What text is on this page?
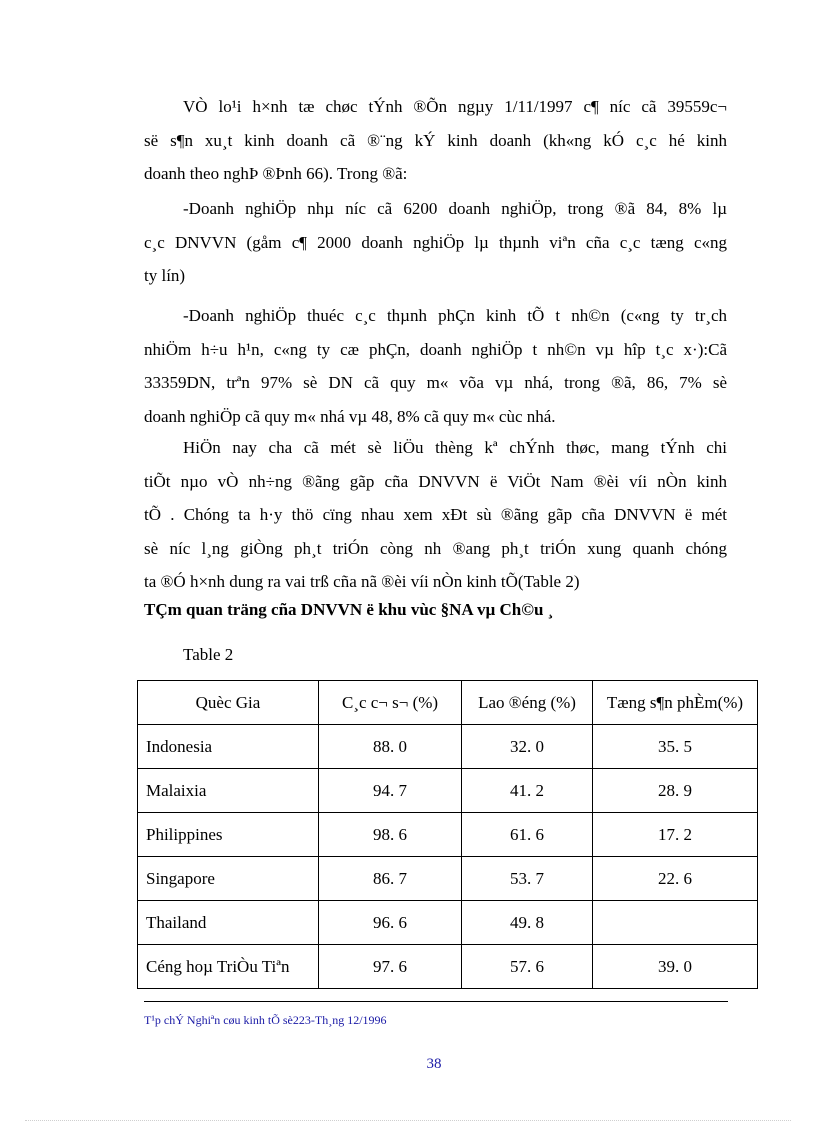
VÒ lo¹i h×nh tæ chøc tÝnh ®Õn ngµy 1/11/1997 c¶ níc cã 39559c¬
së s¶n xu¸t kinh doanh cã ®¨ng kÝ kinh doanh (kh«ng kÓ c¸c hé kinh
doanh theo nghÞ ®Þnh 66). Trong ®ã:
-Doanh nghiÖp nhµ níc cã 6200 doanh nghiÖp, trong ®ã 84, 8% lµ
c¸c DNVVN (gåm c¶ 2000 doanh nghiÖp lµ thµnh viªn cña c¸c tæng c«ng
ty lín)
-Doanh nghiÖp thuéc c¸c thµnh phÇn kinh tÕ t nh©n (c«ng ty tr¸ch
nhiÖm h÷u h¹n, c«ng ty cæ phÇn, doanh nghiÖp t nh©n vµ hîp t¸c x·):Cã
33359DN, trªn 97% sè DN cã quy m« võa vµ nhá, trong ®ã, 86, 7% sè
doanh nghiÖp cã quy m« nhá vµ 48, 8% cã quy m« cùc nhá.
HiÖn nay cha cã mét sè liÖu thèng kª chÝnh thøc, mang tÝnh chi
tiÕt nµo vÒ nh÷ng ®ãng gãp cña DNVVN ë ViÖt Nam ®èi víi nÒn kinh
tÕ . Chóng ta h·y thö cïng nhau xem xÐt sù ®ãng gãp cña DNVVN ë mét
sè níc l¸ng giÒng ph¸t triÓn còng nh ®ang ph¸t triÓn xung quanh chóng
ta ®Ó h×nh dung ra vai trß cña nã ®èi víi nÒn kinh tÕ(Table 2)

TÇm quan träng cña DNVVN ë khu vùc §NA vµ Ch©u ¸

Table 2

Quèc Gia	C¸c c¬ s¬ (%)	Lao ®éng (%)	Tæng s¶n phÈm(%)
Indonesia	88. 0	32. 0	35. 5
Malaixia	94. 7	41. 2	28. 9
Philippines	98. 6	61. 6	17. 2
Singapore	86. 7	53. 7	22. 6
Thailand	96. 6	49. 8	
Céng hoµ TriÒu Tiªn	97. 6	57. 6	39. 0

T¹p chÝ Nghiªn cøu kinh tÕ sè223-Th¸ng 12/1996

38
